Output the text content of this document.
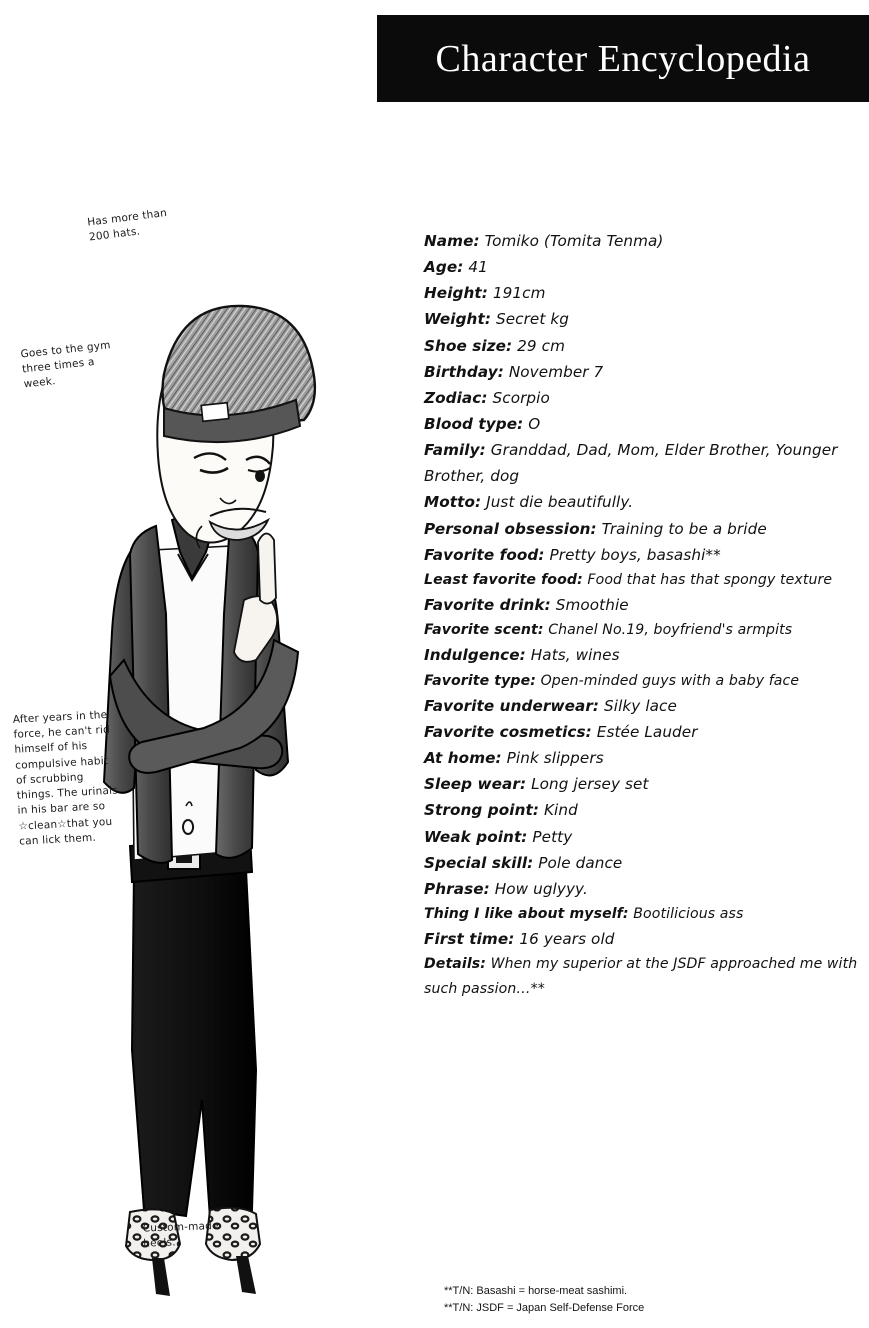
Character Encyclopedia
Has more than 200 hats.
Goes to the gym three times a week.
After years in the force, he can't rid himself of his compulsive habit of scrubbing things. The urinals in his bar are so ☆clean☆that you can lick them.
Custom-made heels.
Name: Tomiko (Tomita Tenma)
Age: 41
Height: 191cm
Weight: Secret kg
Shoe size: 29 cm
Birthday: November 7
Zodiac: Scorpio
Blood type: O
Family: Granddad, Dad, Mom, Elder Brother, Younger Brother, dog
Motto: Just die beautifully.
Personal obsession: Training to be a bride
Favorite food: Pretty boys, basashi**
Least favorite food: Food that has that spongy texture
Favorite drink: Smoothie
Favorite scent: Chanel No.19, boyfriend's armpits
Indulgence: Hats, wines
Favorite type: Open-minded guys with a baby face
Favorite underwear: Silky lace
Favorite cosmetics: Estée Lauder
At home: Pink slippers
Sleep wear: Long jersey set
Strong point: Kind
Weak point: Petty
Special skill: Pole dance
Phrase: How uglyyy.
Thing I like about myself: Bootilicious ass
First time: 16 years old
Details: When my superior at the JSDF approached me with such passion…**
**T/N: Basashi = horse-meat sashimi.
**T/N: JSDF = Japan Self-Defense Force
